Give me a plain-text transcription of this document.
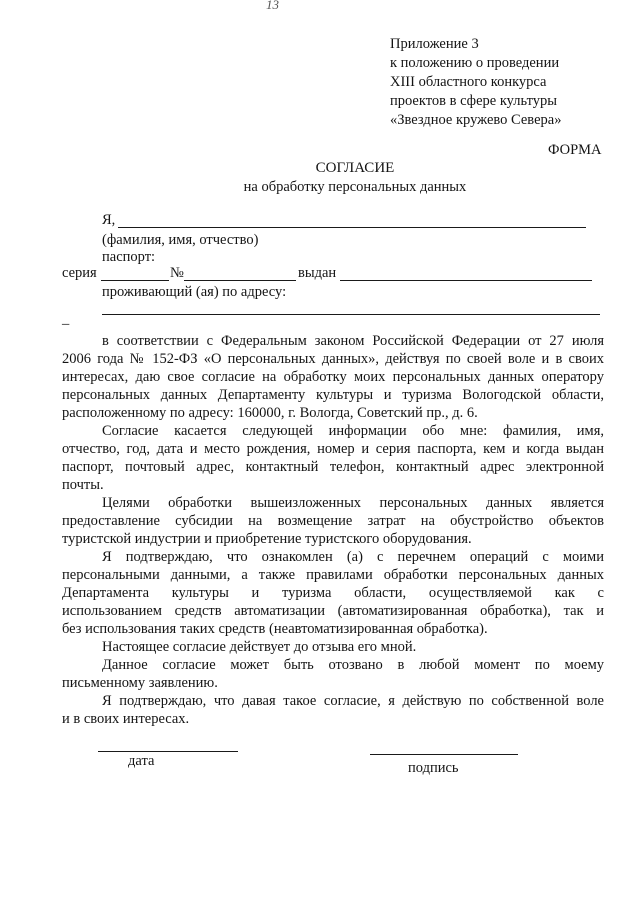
13
Приложение 3
к положению о проведении
XIII областного конкурса
проектов в сфере культуры
«Звездное кружево Севера»
ФОРМА
СОГЛАСИЕ
на обработку персональных данных
Я,
(фамилия, имя, отчество)
паспорт:
серия	№	выдан
проживающий (ая) по адресу:
–
в соответствии с Федеральным законом Российской Федерации от 27 июля
2006 года № 152-ФЗ «О персональных данных», действуя по своей воле и в своих
интересах, даю свое согласие на обработку моих персональных данных оператору
персональных данных Департаменту культуры и туризма Вологодской области,
расположенному по адресу: 160000, г. Вологда, Советский пр., д. 6.
Согласие касается следующей информации обо мне: фамилия, имя,
отчество, год, дата и место рождения, номер и серия паспорта, кем и когда выдан
паспорт, почтовый адрес, контактный телефон, контактный адрес электронной
почты.
Целями обработки вышеизложенных персональных данных является
предоставление субсидии на возмещение затрат на обустройство объектов
туристской индустрии и приобретение туристского оборудования.
Я подтверждаю, что ознакомлен (а) с перечнем операций с моими
персональными данными, а также правилами обработки персональных данных
Департамента культуры и туризма области, осуществляемой как с
использованием средств автоматизации (автоматизированная обработка), так и
без использования таких средств (неавтоматизированная обработка).
Настоящее согласие действует до отзыва его мной.
Данное согласие может быть отозвано в любой момент по моему
письменному заявлению.
Я подтверждаю, что давая такое согласие, я действую по собственной воле
и в своих интересах.
дата	подпись
